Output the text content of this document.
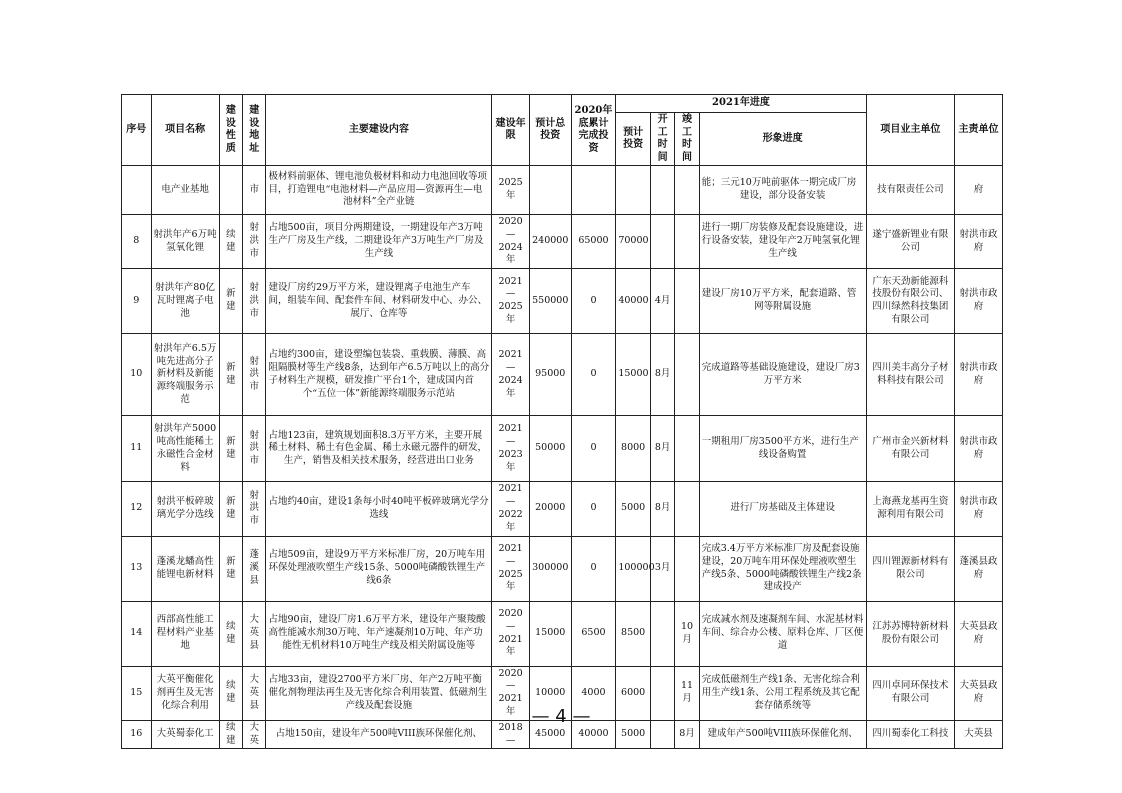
序号	项目名称	建设性质	建设地址	主要建设内容	建设年限	预计总投资	2020年底累计完成投资	2021年进度				项目业主单位	主责单位
								预计投资	开工时间	竣工时间	形象进度		
	电产业基地		市	极材料前驱体、锂电池负极材料和动力电池回收等项目，打造锂电“电池材料—产品应用—资源再生—电池材料”全产业链	2025年						能；三元10万吨前驱体一期完成厂房建设，部分设备安装	技有限责任公司	府
8	射洪年产6万吨氢氧化锂	续建	射洪市	占地500亩，项目分两期建设，一期建设年产3万吨生产厂房及生产线，二期建设年产3万吨生产厂房及生产线	2020—2024年	240000	65000	70000			进行一期厂房装修及配套设施建设，进行设备安装，建设年产2万吨氢氧化锂生产线	遂宁盛新锂业有限公司	射洪市政府
9	射洪年产80亿瓦时锂离子电池	新建	射洪市	建设厂房约29万平方米，建设锂离子电池生产车间，组装车间、配套件车间、材料研发中心、办公、展厅、仓库等	2021—2025年	550000	0	40000	4月		建设厂房10万平方米，配套道路、管网等附属设施	广东天劲新能源科技股份有限公司、四川绿然科技集团有限公司	射洪市政府
10	射洪年产6.5万吨先进高分子新材料及新能源终端服务示范	新建	射洪市	占地约300亩，建设塑编包装袋、重载膜、薄膜、高阻隔膜材等生产线8条，达到年产6.5万吨以上的高分子材料生产规模，研发推广平台1个，建成国内首个“五位一体”新能源终端服务示范站	2021—2024年	95000	0	15000	8月		完成道路等基础设施建设，建设厂房3万平方米	四川美丰高分子材料科技有限公司	射洪市政府
11	射洪年产5000吨高性能稀土永磁性合金材料	新建	射洪市	占地123亩，建筑规划面积8.3万平方米，主要开展稀土材料、稀土有色金属、稀土永磁元器件的研发，生产，销售及相关技术服务，经营进出口业务	2021—2023年	50000	0	8000	8月		一期租用厂房3500平方米，进行生产线设备购置	广州市金兴新材料有限公司	射洪市政府
12	射洪平板碎玻璃光学分选线	新建	射洪市	占地约40亩，建设1条每小时40吨平板碎玻璃光学分选线	2021—2022年	20000	0	5000	8月		进行厂房基础及主体建设	上海燕龙基再生资源利用有限公司	射洪市政府
13	蓬溪龙蟠高性能锂电新材料	新建	蓬溪县	占地509亩，建设9万平方米标准厂房，20万吨车用环保处理液吹塑生产线15条、5000吨磷酸铁锂生产线6条	2021—2025年	300000	0	100000	3月		完成3.4万平方米标准厂房及配套设施建设，20万吨车用环保处理液吹塑生产线5条、5000吨磷酸铁锂生产线2条建成投产	四川锂源新材料有限公司	蓬溪县政府
14	西部高性能工程材料产业基地	续建	大英县	占地90亩，建设厂房1.6万平方米，建设年产聚羧酸高性能减水剂30万吨、年产速凝剂10万吨、年产功能性无机材料10万吨生产线及相关附属设施等	2020—2021年	15000	6500	8500		10月	完成减水剂及速凝剂车间、水泥基材料车间、综合办公楼、原料仓库、厂区便道	江苏苏博特新材料股份有限公司	大英县政府
15	大英平衡催化剂再生及无害化综合利用	续建	大英县	占地33亩，建设2700平方米厂房、年产2万吨平衡催化剂物理法再生及无害化综合利用装置、低磁剂生产线及配套设施	2020—2021年	10000	4000	6000		11月	完成低磁剂生产线1条、无害化综合利用生产线1条、公用工程系统及其它配套存储系统等	四川卓同环保技术有限公司	大英县政府
16	大英蜀泰化工	续建	大英	占地150亩，建设年产500吨VIII族环保催化剂、	2018—	45000	40000	5000		8月	建成年产500吨VIII族环保催化剂、	四川蜀泰化工科技	大英县
— 4 —
